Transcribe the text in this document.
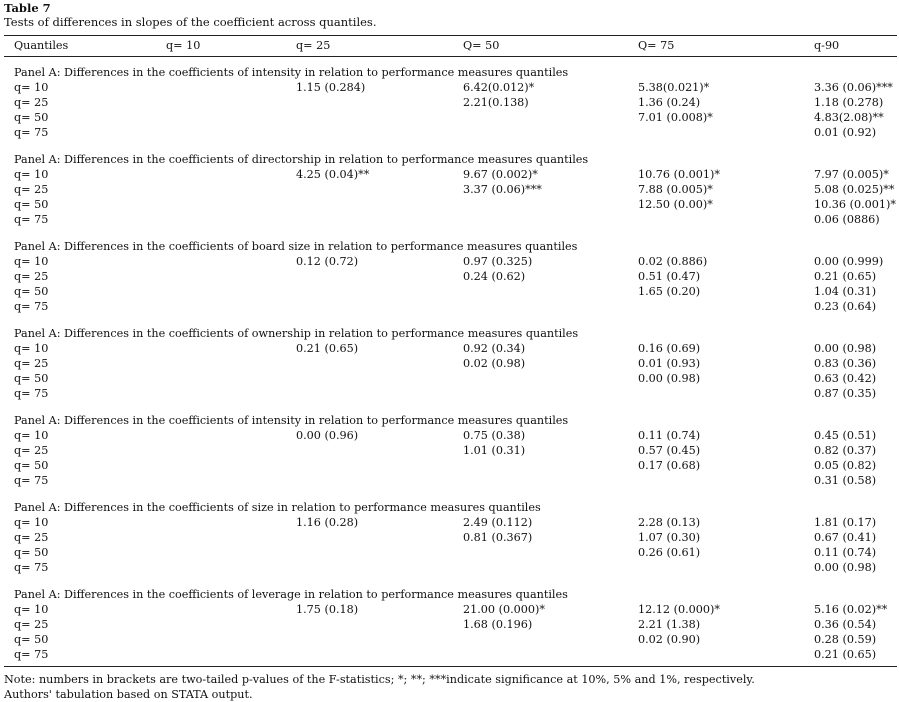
Table 7
Tests of differences in slopes of the coefficient across quantiles.
Quantiles	q= 10	q= 25	Q= 50	Q= 75	q-90

Panel A: Differences in the coefficients of intensity in relation to performance measures quantiles					
q= 10		1.15 (0.284)	6.42(0.012)*	5.38(0.021)*	3.36 (0.06)***
q= 25			2.21(0.138)	1.36 (0.24)	1.18 (0.278)
q= 50				7.01 (0.008)*	4.83(2.08)**
q= 75					0.01 (0.92)
Panel A: Differences in the coefficients of directorship in relation to performance measures quantiles					
q= 10		4.25 (0.04)**	9.67 (0.002)*	10.76 (0.001)*	7.97 (0.005)*
q= 25			3.37 (0.06)***	7.88 (0.005)*	5.08 (0.025)**
q= 50				12.50 (0.00)*	10.36 (0.001)*
q= 75					0.06 (0886)
Panel A: Differences in the coefficients of board size in relation to performance measures quantiles					
q= 10		0.12 (0.72)	0.97 (0.325)	0.02 (0.886)	0.00 (0.999)
q= 25			0.24 (0.62)	0.51 (0.47)	0.21 (0.65)
q= 50				1.65 (0.20)	1.04 (0.31)
q= 75					0.23 (0.64)
Panel A: Differences in the coefficients of ownership in relation to performance measures quantiles					
q= 10		0.21 (0.65)	0.92 (0.34)	0.16 (0.69)	0.00 (0.98)
q= 25			0.02 (0.98)	0.01 (0.93)	0.83 (0.36)
q= 50				0.00 (0.98)	0.63 (0.42)
q= 75					0.87 (0.35)
Panel A: Differences in the coefficients of intensity in relation to performance measures quantiles					
q= 10		0.00 (0.96)	0.75 (0.38)	0.11 (0.74)	0.45 (0.51)
q= 25			1.01 (0.31)	0.57 (0.45)	0.82 (0.37)
q= 50				0.17 (0.68)	0.05 (0.82)
q= 75					0.31 (0.58)
Panel A: Differences in the coefficients of size in relation to performance measures quantiles					
q= 10		1.16 (0.28)	2.49 (0.112)	2.28 (0.13)	1.81 (0.17)
q= 25			0.81 (0.367)	1.07 (0.30)	0.67 (0.41)
q= 50				0.26 (0.61)	0.11 (0.74)
q= 75					0.00 (0.98)
Panel A: Differences in the coefficients of leverage in relation to performance measures quantiles					
q= 10		1.75 (0.18)	21.00 (0.000)*	12.12 (0.000)*	5.16 (0.02)**
q= 25			1.68 (0.196)	2.21 (1.38)	0.36 (0.54)
q= 50				0.02 (0.90)	0.28 (0.59)
q= 75					0.21 (0.65)
Note: numbers in brackets are two-tailed p-values of the F-statistics; *; **; ***indicate significance at 10%, 5% and 1%, respectively.
Authors' tabulation based on STATA output.
